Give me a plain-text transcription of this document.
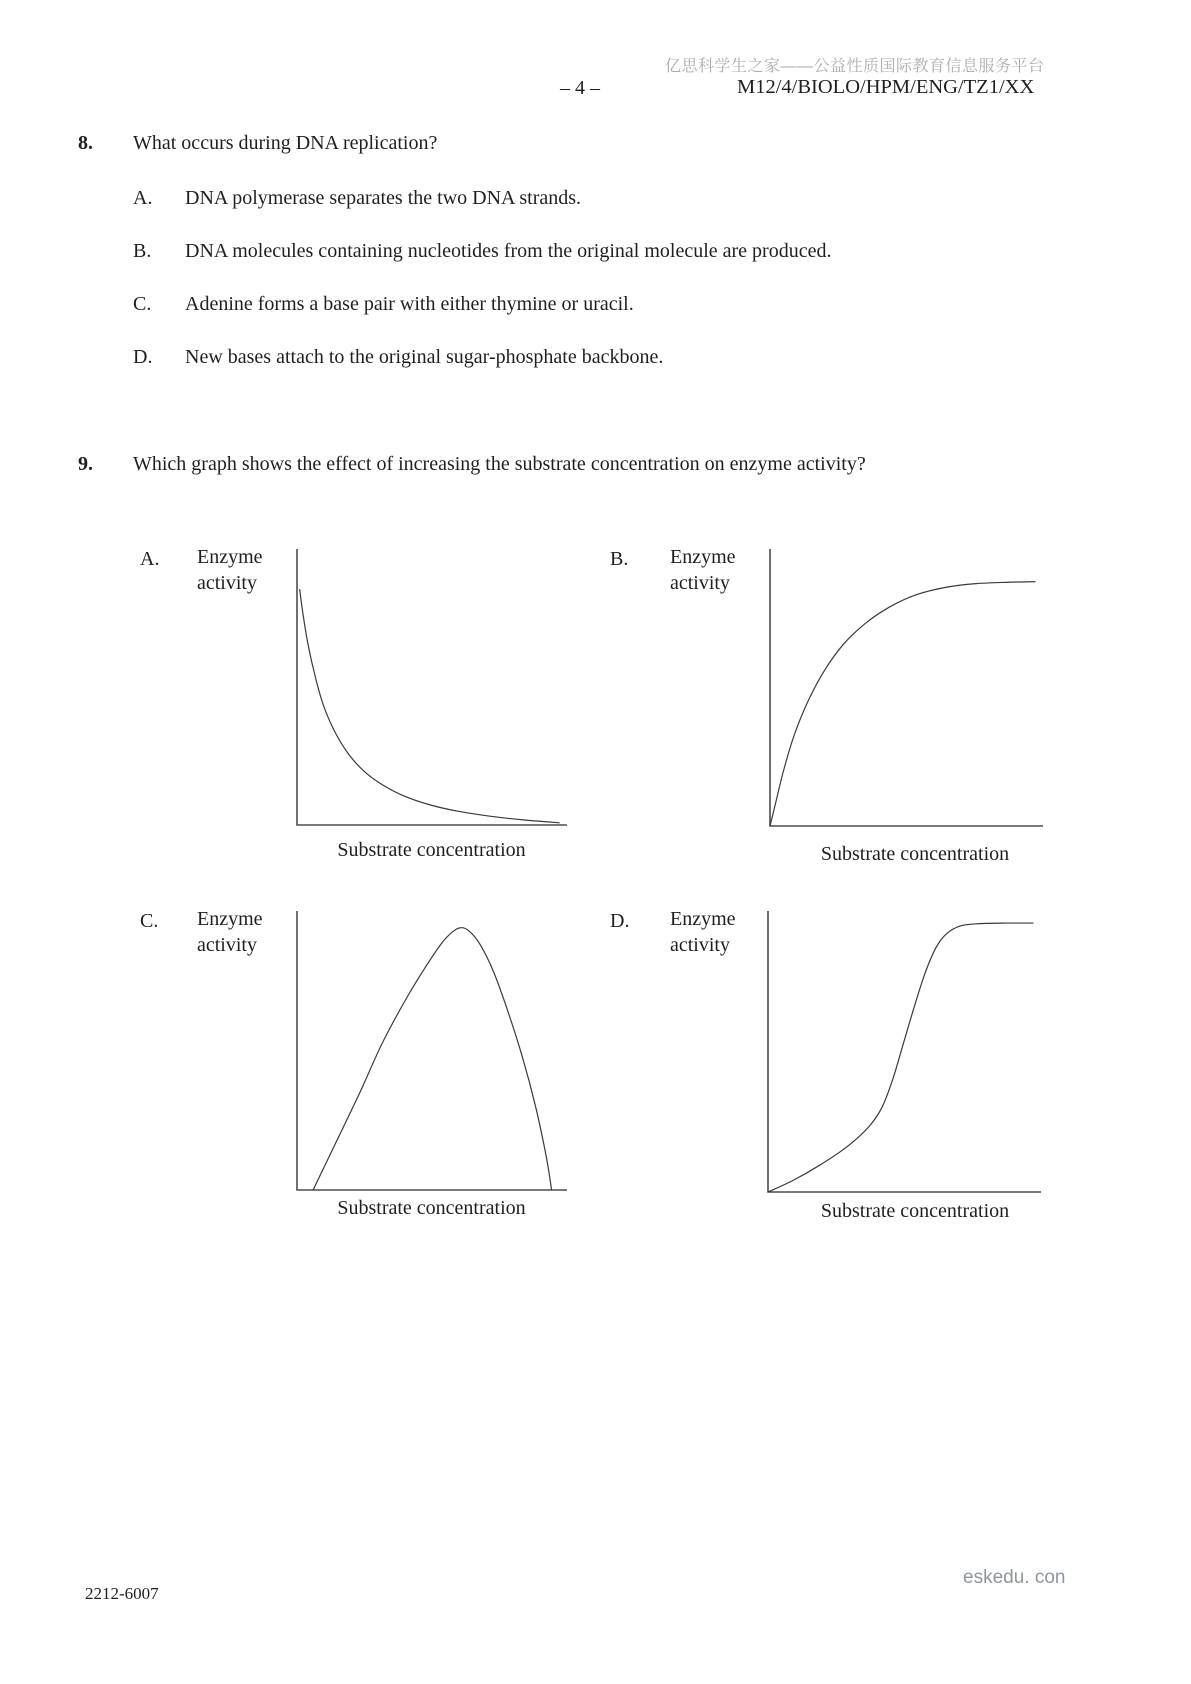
亿思科学生之家——公益性质国际教育信息服务平台
– 4 –	M12/4/BIOLO/HPM/ENG/TZ1/XX
8. What occurs during DNA replication?
A. DNA polymerase separates the two DNA strands.
B. DNA molecules containing nucleotides from the original molecule are produced.
C. Adenine forms a base pair with either thymine or uracil.
D. New bases attach to the original sugar-phosphate backbone.
9. Which graph shows the effect of increasing the substrate concentration on enzyme activity?
A. Enzyme
activity
Substrate concentration
B. Enzyme
activity
Substrate concentration
C. Enzyme
activity
Substrate concentration
D. Enzyme
activity
Substrate concentration
2212-6007
eskedu. con
